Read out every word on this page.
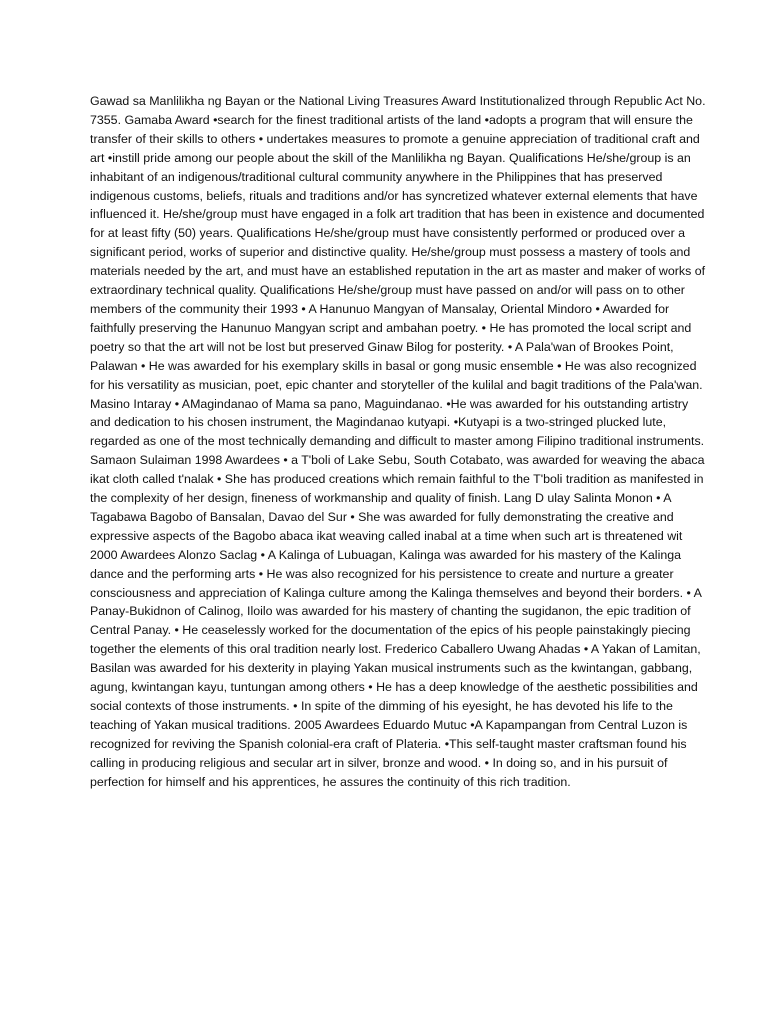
Gawad sa Manlilikha ng Bayan or the National Living Treasures Award Institutionalized through Republic Act No. 7355. Gamaba Award •search for the finest traditional artists of the land •adopts a program that will ensure the transfer of their skills to others • undertakes measures to promote a genuine appreciation of traditional craft and art •instill pride among our people about the skill of the Manlilikha ng Bayan. Qualifications He/she/group is an inhabitant of an indigenous/traditional cultural community anywhere in the Philippines that has preserved indigenous customs, beliefs, rituals and traditions and/or has syncretized whatever external elements that have influenced it. He/she/group must have engaged in a folk art tradition that has been in existence and documented for at least fifty (50) years. Qualifications He/she/group must have consistently performed or produced over a significant period, works of superior and distinctive quality. He/she/group must possess a mastery of tools and materials needed by the art, and must have an established reputation in the art as master and maker of works of extraordinary technical quality. Qualifications He/she/group must have passed on and/or will pass on to other members of the community their 1993 • A Hanunuo Mangyan of Mansalay, Oriental Mindoro • Awarded for faithfully preserving the Hanunuo Mangyan script and ambahan poetry. • He has promoted the local script and poetry so that the art will not be lost but preserved Ginaw Bilog for posterity. • A Pala'wan of Brookes Point, Palawan • He was awarded for his exemplary skills in basal or gong music ensemble • He was also recognized for his versatility as musician, poet, epic chanter and storyteller of the kulilal and bagit traditions of the Pala'wan. Masino Intaray • AMagindanao of Mama sa pano, Maguindanao. •He was awarded for his outstanding artistry and dedication to his chosen instrument, the Magindanao kutyapi. •Kutyapi is a two-stringed plucked lute, regarded as one of the most technically demanding and difficult to master among Filipino traditional instruments. Samaon Sulaiman 1998 Awardees • a T'boli of Lake Sebu, South Cotabato, was awarded for weaving the abaca ikat cloth called t'nalak • She has produced creations which remain faithful to the T'boli tradition as manifested in the complexity of her design, fineness of workmanship and quality of finish. Lang D ulay Salinta Monon • A Tagabawa Bagobo of Bansalan, Davao del Sur • She was awarded for fully demonstrating the creative and expressive aspects of the Bagobo abaca ikat weaving called inabal at a time when such art is threatened wit 2000 Awardees Alonzo Saclag • A Kalinga of Lubuagan, Kalinga was awarded for his mastery of the Kalinga dance and the performing arts • He was also recognized for his persistence to create and nurture a greater consciousness and appreciation of Kalinga culture among the Kalinga themselves and beyond their borders. • A Panay-Bukidnon of Calinog, Iloilo was awarded for his mastery of chanting the sugidanon, the epic tradition of Central Panay. • He ceaselessly worked for the documentation of the epics of his people painstakingly piecing together the elements of this oral tradition nearly lost. Frederico Caballero Uwang Ahadas • A Yakan of Lamitan, Basilan was awarded for his dexterity in playing Yakan musical instruments such as the kwintangan, gabbang, agung, kwintangan kayu, tuntungan among others • He has a deep knowledge of the aesthetic possibilities and social contexts of those instruments. • In spite of the dimming of his eyesight, he has devoted his life to the teaching of Yakan musical traditions. 2005 Awardees Eduardo Mutuc •A Kapampangan from Central Luzon is recognized for reviving the Spanish colonial-era craft of Plateria. •This self-taught master craftsman found his calling in producing religious and secular art in silver, bronze and wood. • In doing so, and in his pursuit of perfection for himself and his apprentices, he assures the continuity of this rich tradition.
